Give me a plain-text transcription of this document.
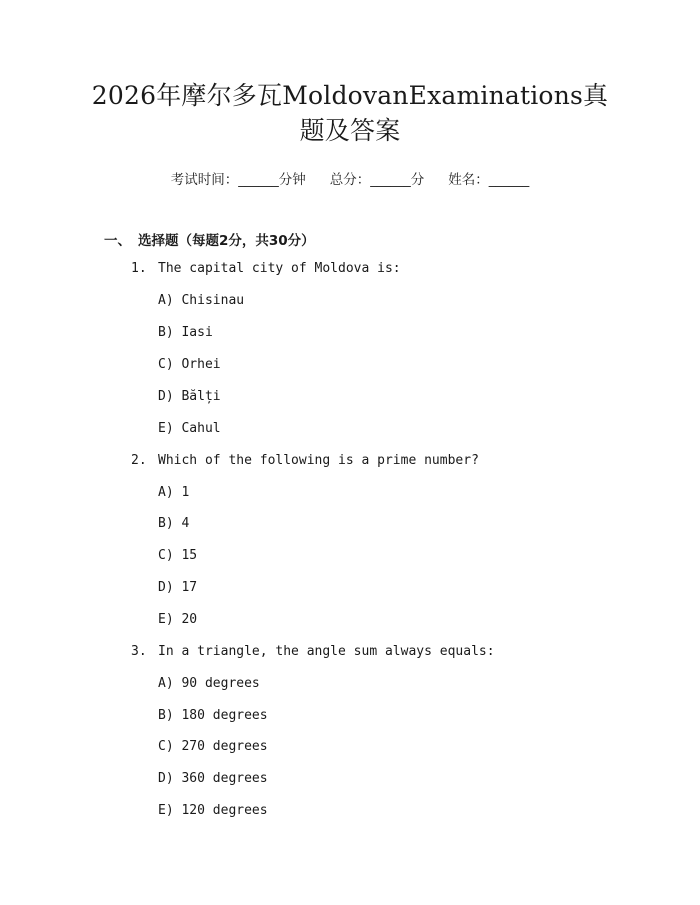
2026年摩尔多瓦MoldovanExaminations真
题及答案
考试时间：______分钟 总分：______分 姓名：______
一、 选择题（每题2分，共30分）
1. The capital city of Moldova is:
A) Chisinau
B) Iasi
C) Orhei
D) Bălți
E) Cahul
2. Which of the following is a prime number?
A) 1
B) 4
C) 15
D) 17
E) 20
3. In a triangle, the angle sum always equals:
A) 90 degrees
B) 180 degrees
C) 270 degrees
D) 360 degrees
E) 120 degrees
